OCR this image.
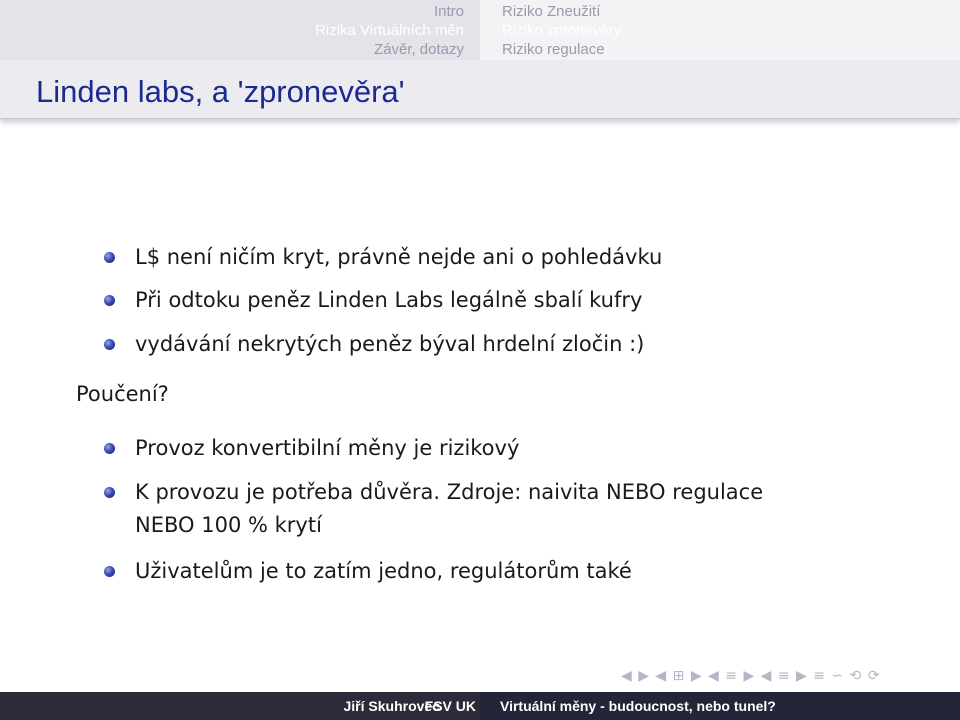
Intro
Rizika Virtuálních měn
Závěr, dotazy
Riziko Zneužití
Riziko zpronevěry
Riziko regulace
Linden labs, a 'zpronevěra'
L$ není ničím kryt, právně nejde ani o pohledávku
Při odtoku peněz Linden Labs legálně sbalí kufry
vydávání nekrytých peněz býval hrdelní zločin :)
Poučení?
Provoz konvertibilní měny je rizikový
K provozu je potřeba důvěra. Zdroje: naivita NEBO regulace
NEBO 100 % krytí
Uživatelům je to zatím jedno, regulátorům také
◀ ▶ ◀ ⊞ ▶ ◀ ≡ ▶ ◀ ≡ ▶ ≡ ∽ ⟲ ⟳
Jiří Skuhrovec
FSV UK Virtuální měny - budoucnost, nebo tunel?
